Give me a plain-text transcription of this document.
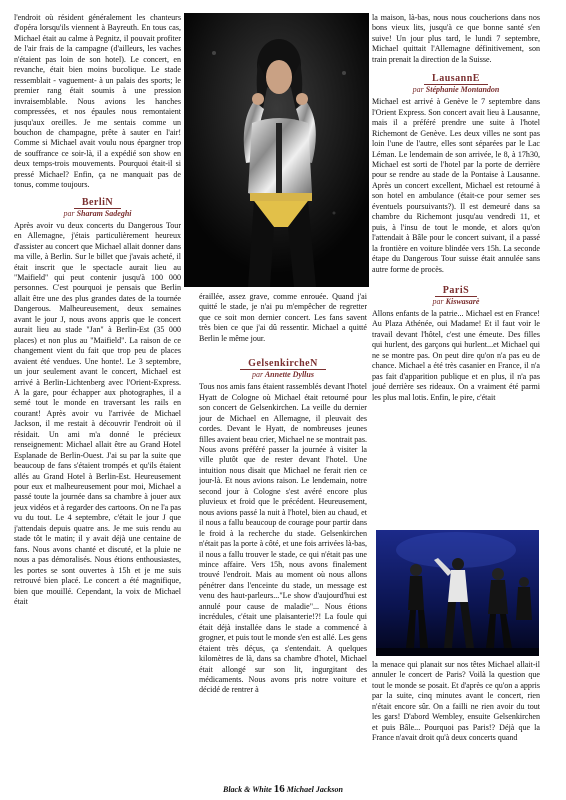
l'endroit où résident généralement les chanteurs d'opéra lorsqu'ils viennent à Bayreuth. En tous cas, Michael était au calme à Pegnitz, il pouvait profiter de l'air frais de la campagne (d'ailleurs, les vaches n'étaient pas loin de son hotel). Le concert, en revanche, était bien moins bucolique. Le stade ressemblait - vaguement- à un palais des sports; le premier rang était soumis à une pression invraisemblable. Nous avions les hanches compressées, et nos épaules nous remontaient jusqu'aux oreilles. Je me sentais comme un bouchon de champagne, prête à sauter en l'air! Comme si Michael avait voulu nous épargner trop de souffrance ce soir-là, il a expédié son show en deux temps-trois mouvements. Pourquoi était-il si pressé Michael? Enfin, ça ne manquait pas de tonus, comme toujours.

BerliN
par Sharam Sadeghi

Après avoir vu deux concerts du Dangerous Tour en Allemagne, j'étais particulièrement heureux d'assister au concert que Michael allait donner dans ma ville, à Berlin. Sur le billet que j'avais acheté, il était inscrit que le spectacle aurait lieu au "Maifield" qui peut contenir jusqu'à 100 000 personnes. C'est pourquoi je pensais que Berlin allait être une des plus grandes dates de la tournée Dangerous. Malheureusement, deux semaines avant le jour J, nous avons appris que le concert aurait lieu au stade "Jan" à Berlin-Est (35 000 places) et non plus au "Maifield". La raison de ce changement vient du fait que trop peu de places avaient été vendues. Une honte!. Le 3 septembre, un jour seulement avant le concert, Michael est arrivé à Berlin-Lichtenberg avec l'Orient-Express. A la gare, pour échapper aux photographes, il a semé tout le monde en traversant les rails en courant! Après avoir vu l'arrivée de Michael Jackson, il me restait à découvrir l'endroit où il résidait. Un ami m'a donné le précieux renseignement: Michael allait être au Grand Hotel Esplanade de Berlin-Ouest. J'ai su par la suite que beaucoup de fans s'étaient trompés et qu'ils étaient allés au Grand Hotel à Berlin-Est. Heureusement pour eux et malheureusement pour moi, Michael a passé toute la journée dans sa chambre à jouer aux jeux vidéos et à regarder des cartoons. On ne l'a pas vu du tout. Le 4 septembre, c'était le jour J que j'attendais depuis quatre ans. Je me suis rendu au stade tôt le matin; il y avait déjà une centaine de fans. Nous avons chanté et discuté, et la pluie ne nous a pas démoralisés. Nous étions enthousiastes, les portes se sont ouvertes à 15h et je me suis retrouvé bien placé. Le concert a été magnifique, bien que mouillé. Cependant, la voix de Michael était

éraillée, assez grave, comme enrouée. Quand j'ai quitté le stade, je n'ai pu m'empêcher de regretter que ce soit mon dernier concert. Les fans savent très bien ce que j'ai dû ressentir. Michael a quitté Berlin le même jour.

GelsenkirchеN
par Annette Dyllus

Tous nos amis fans étaient rassemblés devant l'hotel Hyatt de Cologne où Michael était retourné pour son concert de Gelsenkirchen. La veille du dernier jour de Michael en Allemagne, il pleuvait des cordes. Devant le Hyatt, de nombreuses jeunes filles avaient beau crier, Michael ne se montrait pas. Nous avons préféré passer la journée à visiter la ville plutôt que de rester devant l'hotel. Une intuition nous disait que Michael ne ferait rien ce jour-là. Et nous avions raison. Le lendemain, notre second jour à Cologne s'est avéré encore plus pluvieux et froid que le précédent. Heureusement, nous avions passé la nuit à l'hotel, bien au chaud, et il nous a fallu beaucoup de courage pour partir dans le froid à la recherche du stade. Gelsenkirchen n'était pas la porte à côté, et une fois arrivées là-bas, il nous a fallu trouver le stade, ce qui n'était pas une mince affaire. Vers 15h, nous avons finalement trouvé l'endroit. Mais au moment où nous allons pénétrer dans l'enceinte du stade, un message est venu des haut-parleurs..."Le show d'aujourd'hui est annulé pour cause de maladie"... Nous étions incrédules, c'était une plaisanterie!?! La foule qui était déjà installée dans le stade a commencé à grogner, et puis tout le monde s'en est allé. Les gens étaient très déçus, ça s'entendait. A quelques kilomètres de là, dans sa chambre d'hotel, Michael était allongé sur son lit, ingurgitant des médicaments. Nous avons pris notre voiture et décidé de rentrer à

la maison, là-bas, nous nous coucherions dans nos bons vieux lits, jusqu'à ce que bonne santé s'en suive! Un jour plus tard, le lundi 7 septembre, Michael quittait l'Allemagne définitivement, son train prenait la direction de la Suisse.

LausannE
par Stéphanie Montandon

Michael est arrivé à Genève le 7 septembre dans l'Orient Express. Son concert avait lieu à Lausanne, mais il a préféré prendre une suite à l'hotel Richemont de Genève. Les deux villes ne sont pas loin l'une de l'autre, elles sont séparées par le Lac Léman. Le lendemain de son arrivée, le 8, à 17h30, Michael est sorti de l'hotel par la porte de derrière pour se rendre au stade de la Pontaise à Lausanne. Après un concert excellent, Michael est retourné à son hotel en ambulance (était-ce pour semer ses éventuels poursuivants?). Il est demeuré dans sa chambre du Richemont jusqu'au vendredi 11, et puis, à l'insu de tout le monde, et alors qu'on l'attendait à Bâle pour le concert suivant, il a passé la frontière en voiture blindée vers 15h. La seconde étape du Dangerous Tour suisse était annulée sans autre forme de procès.

PariS
par Kiswasarè

Allons enfants de la patrie... Michael est en France! Au Plaza Athénée, oui Madame! Et il faut voir le travail devant l'hôtel, c'est une émeute. Des filles qui hurlent, des garçons qui hurlent...et Michael qui ne se montre pas. On peut dire qu'on n'a pas eu de chance. Michael a été très casanier en France, il n'a pas fait d'apparition publique et en plus, il n'a pas joué derrière ses rideaux. On a vraiment été parmi les plus mal lotis. Enfin, le pire, c'était

la menace qui planait sur nos têtes Michael allait-il annuler le concert de Paris? Voilà la question que tout le monde se posait. Et d'après ce qu'on a appris par la suite, cinq minutes avant le concert, rien n'était encore sûr. On a failli ne rien avoir du tout les gars! D'abord Wembley, ensuite Gelsenkirchen et puis Bâle... Pourquoi pas Paris!? Déjà que la France n'avait droit qu'à deux concerts quand

Black & White 16 Michael Jackson
